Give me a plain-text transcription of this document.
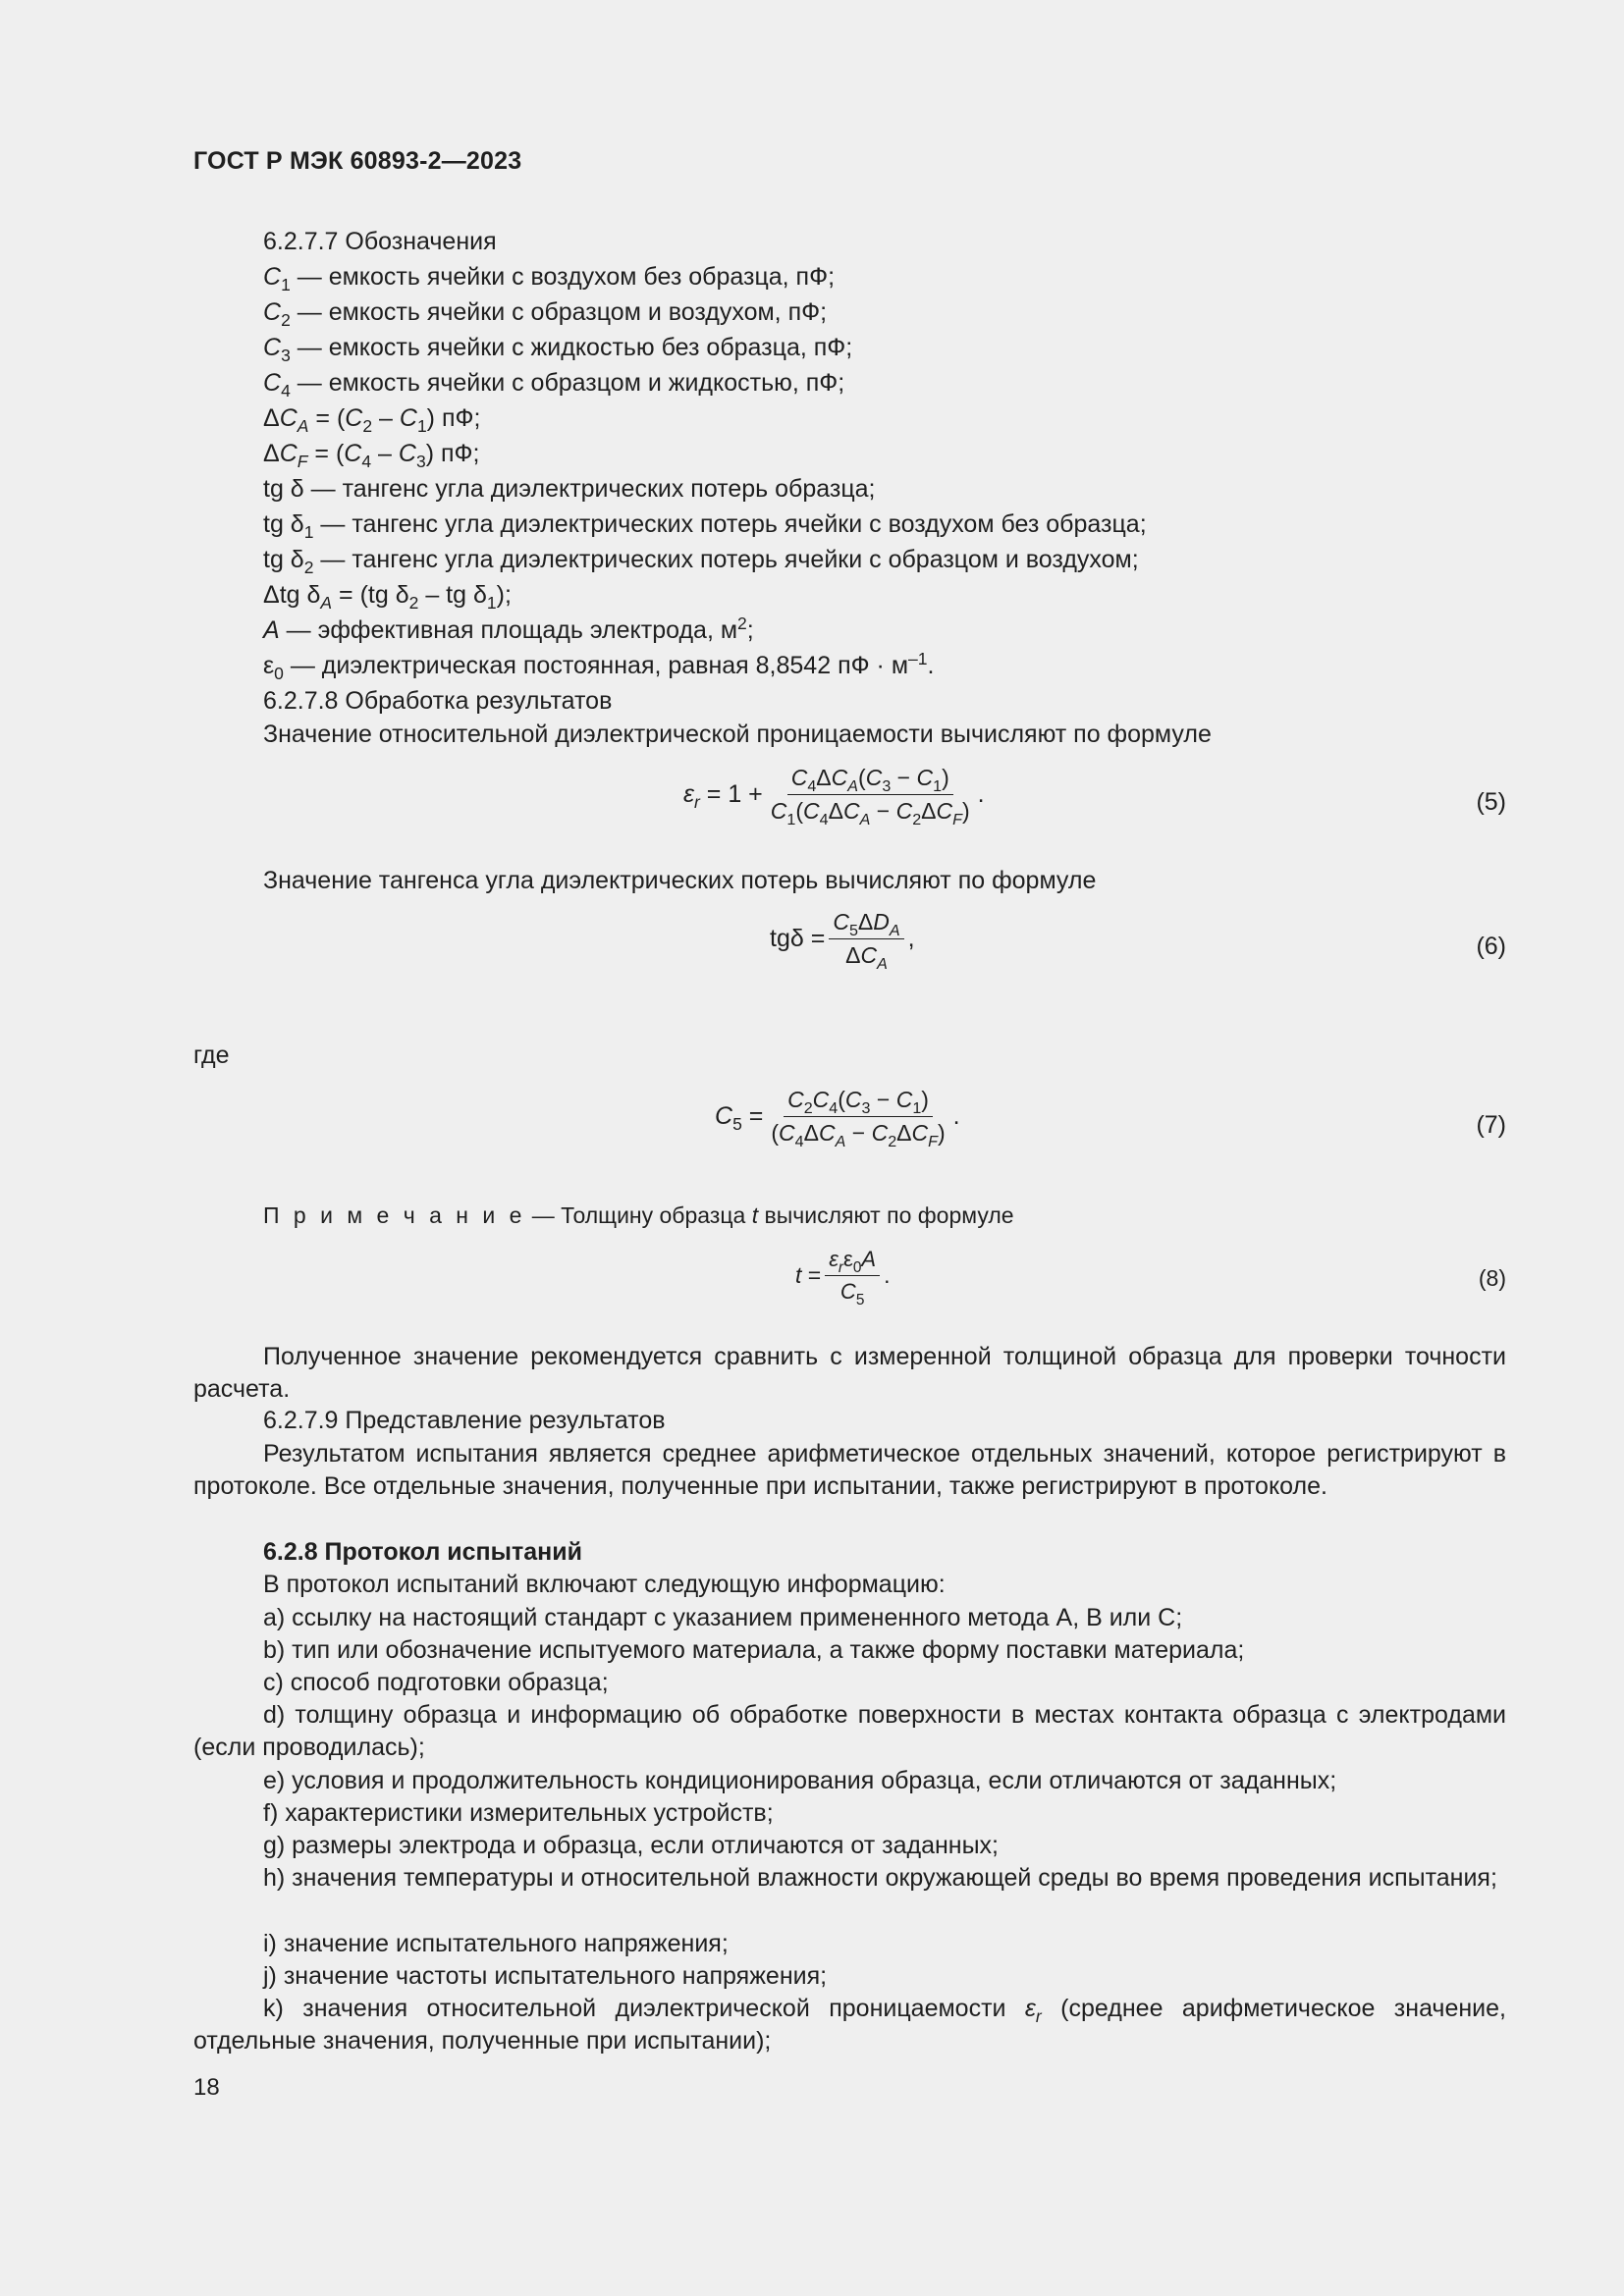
ГОСТ Р МЭК 60893-2—2023
6.2.7.7 Обозначения
$C_1$ — емкость ячейки с воздухом без образца, пФ;
$C_2$ — емкость ячейки с образцом и воздухом, пФ;
$C_3$ — емкость ячейки с жидкостью без образца, пФ;
$C_4$ — емкость ячейки с образцом и жидкостью, пФ;
$\Delta C_A = (C_2 - C_1)$ пФ;
$\Delta C_F = (C_4 - C_3)$ пФ;
tg δ — тангенс угла диэлектрических потерь образца;
tg $\delta_1$ — тангенс угла диэлектрических потерь ячейки с воздухом без образца;
tg $\delta_2$ — тангенс угла диэлектрических потерь ячейки с образцом и воздухом;
Δtg $\delta_A = (tg$ $\delta_2$ – tg $\delta_1$);
A — эффективная площадь электрода, $м^2$;
$\varepsilon_0$ — диэлектрическая постоянная, равная 8,8542 пФ · $м^{-1}$.
6.2.7.8 Обработка результатов
Значение относительной диэлектрической проницаемости вычисляют по формуле
$\varepsilon_r = 1 + \frac{C_4\Delta C_A(C_3 - C_1)}{C_1(C_4\Delta C_A - C_2\Delta C_F)}$ .	(5)
Значение тангенса угла диэлектрических потерь вычисляют по формуле
$tg\delta = \frac{C_5\Delta D_A}{\Delta C_A}$ ,	(6)
где
$C_5 = \frac{C_2C_4(C_3 - C_1)}{(C_4\Delta C_A - C_2\Delta C_F)}$ .	(7)
П р и м е ч а н и е — Толщину образца t вычисляют по формуле
$t = \frac{\varepsilon_r\varepsilon_0A}{C_5}$ .	(8)
Полученное значение рекомендуется сравнить с измеренной толщиной образца для проверки точности расчета.
6.2.7.9 Представление результатов
Результатом испытания является среднее арифметическое отдельных значений, которое регистрируют в протоколе. Все отдельные значения, полученные при испытании, также регистрируют в протоколе.
6.2.8 Протокол испытаний
В протокол испытаний включают следующую информацию:
a) ссылку на настоящий стандарт с указанием примененного метода A, B или C;
b) тип или обозначение испытуемого материала, а также форму поставки материала;
c) способ подготовки образца;
d) толщину образца и информацию об обработке поверхности в местах контакта образца с электродами (если проводилась);
e) условия и продолжительность кондиционирования образца, если отличаются от заданных;
f) характеристики измерительных устройств;
g) размеры электрода и образца, если отличаются от заданных;
h) значения температуры и относительной влажности окружающей среды во время проведения испытания;
i) значение испытательного напряжения;
j) значение частоты испытательного напряжения;
k) значения относительной диэлектрической проницаемости $\varepsilon_r$ (среднее арифметическое значение, отдельные значения, полученные при испытании);
18
